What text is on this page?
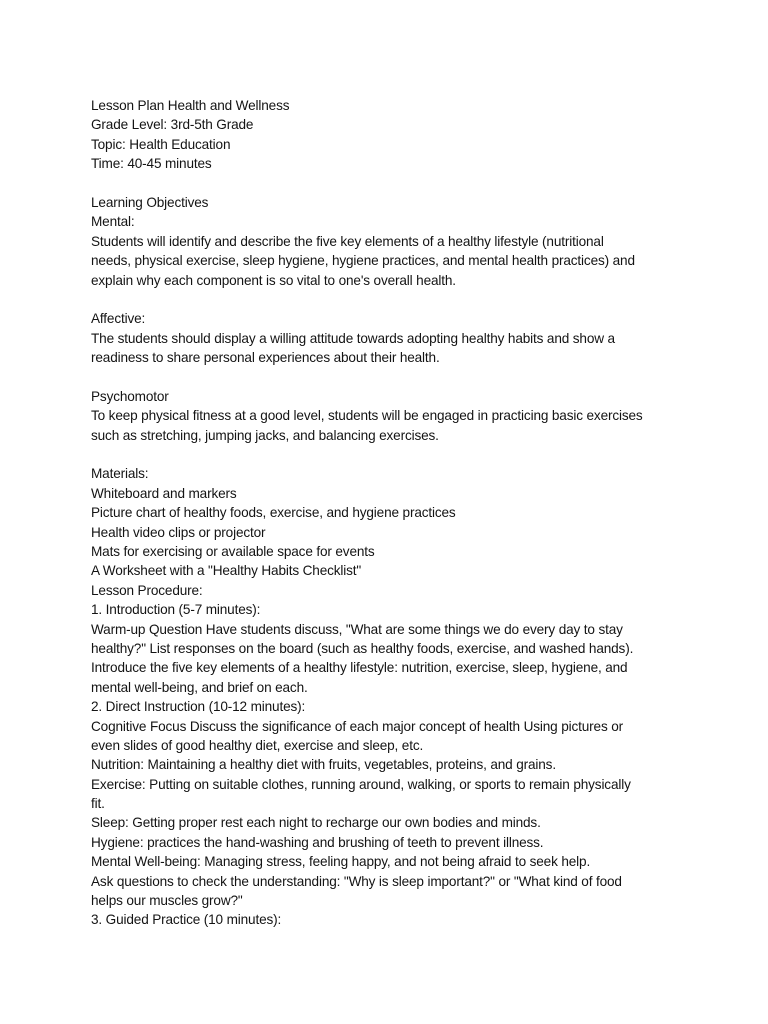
Lesson Plan Health and Wellness
Grade Level: 3rd-5th Grade
Topic: Health Education
Time: 40-45 minutes
Learning Objectives
Mental:
Students will identify and describe the five key elements of a healthy lifestyle (nutritional
needs, physical exercise, sleep hygiene, hygiene practices, and mental health practices) and
explain why each component is so vital to one's overall health.
Affective:
The students should display a willing attitude towards adopting healthy habits and show a
readiness to share personal experiences about their health.
Psychomotor
To keep physical fitness at a good level, students will be engaged in practicing basic exercises
such as stretching, jumping jacks, and balancing exercises.
Materials:
Whiteboard and markers
Picture chart of healthy foods, exercise, and hygiene practices
Health video clips or projector
Mats for exercising or available space for events
A Worksheet with a "Healthy Habits Checklist"
Lesson Procedure:
1. Introduction (5-7 minutes):
Warm-up Question Have students discuss, "What are some things we do every day to stay
healthy?" List responses on the board (such as healthy foods, exercise, and washed hands).
Introduce the five key elements of a healthy lifestyle: nutrition, exercise, sleep, hygiene, and
mental well-being, and brief on each.
2. Direct Instruction (10-12 minutes):
Cognitive Focus Discuss the significance of each major concept of health Using pictures or
even slides of good healthy diet, exercise and sleep, etc.
Nutrition: Maintaining a healthy diet with fruits, vegetables, proteins, and grains.
Exercise: Putting on suitable clothes, running around, walking, or sports to remain physically
fit.
Sleep: Getting proper rest each night to recharge our own bodies and minds.
Hygiene: practices the hand-washing and brushing of teeth to prevent illness.
Mental Well-being: Managing stress, feeling happy, and not being afraid to seek help.
Ask questions to check the understanding: "Why is sleep important?" or "What kind of food
helps our muscles grow?"
3. Guided Practice (10 minutes):
